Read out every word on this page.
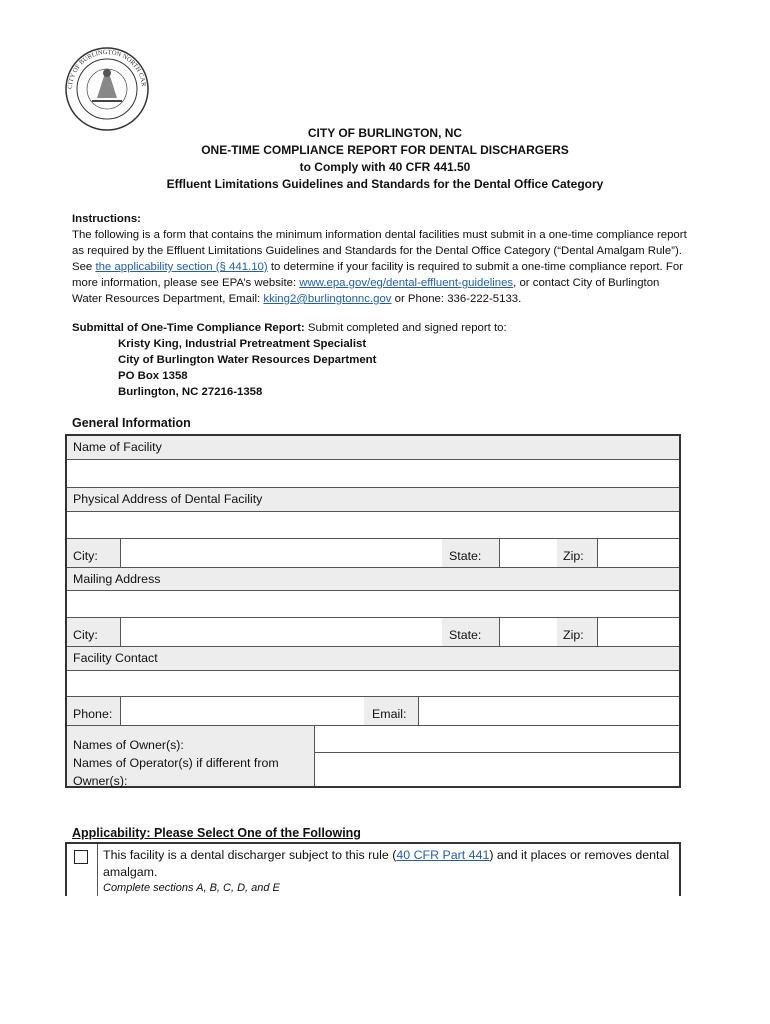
CITY OF BURLINGTON NORTH CAR
CITY OF BURLINGTON, NC
ONE-TIME COMPLIANCE REPORT FOR DENTAL DISCHARGERS
to Comply with 40 CFR 441.50
Effluent Limitations Guidelines and Standards for the Dental Office Category
Instructions:
The following is a form that contains the minimum information dental facilities must submit in a one-time compliance report as required by the Effluent Limitations Guidelines and Standards for the Dental Office Category (“Dental Amalgam Rule”). See the applicability section (§ 441.10) to determine if your facility is required to submit a one-time compliance report. For more information, please see EPA’s website: www.epa.gov/eg/dental-effluent-guidelines, or contact City of Burlington Water Resources Department, Email: kking2@burlingtonnc.gov or Phone: 336-222-5133.
Submittal of One-Time Compliance Report: Submit completed and signed report to:
Kristy King, Industrial Pretreatment Specialist
City of Burlington Water Resources Department
PO Box 1358
Burlington, NC 27216-1358
General Information
Name of Facility
Physical Address of Dental Facility
City:	State:	Zip:
Mailing Address
City:	State:	Zip:
Facility Contact
Phone:	Email:
Names of Owner(s):
Names of Operator(s) if different from Owner(s):
Applicability: Please Select One of the Following
This facility is a dental discharger subject to this rule (40 CFR Part 441) and it places or removes dental amalgam.
Complete sections A, B, C, D, and E
